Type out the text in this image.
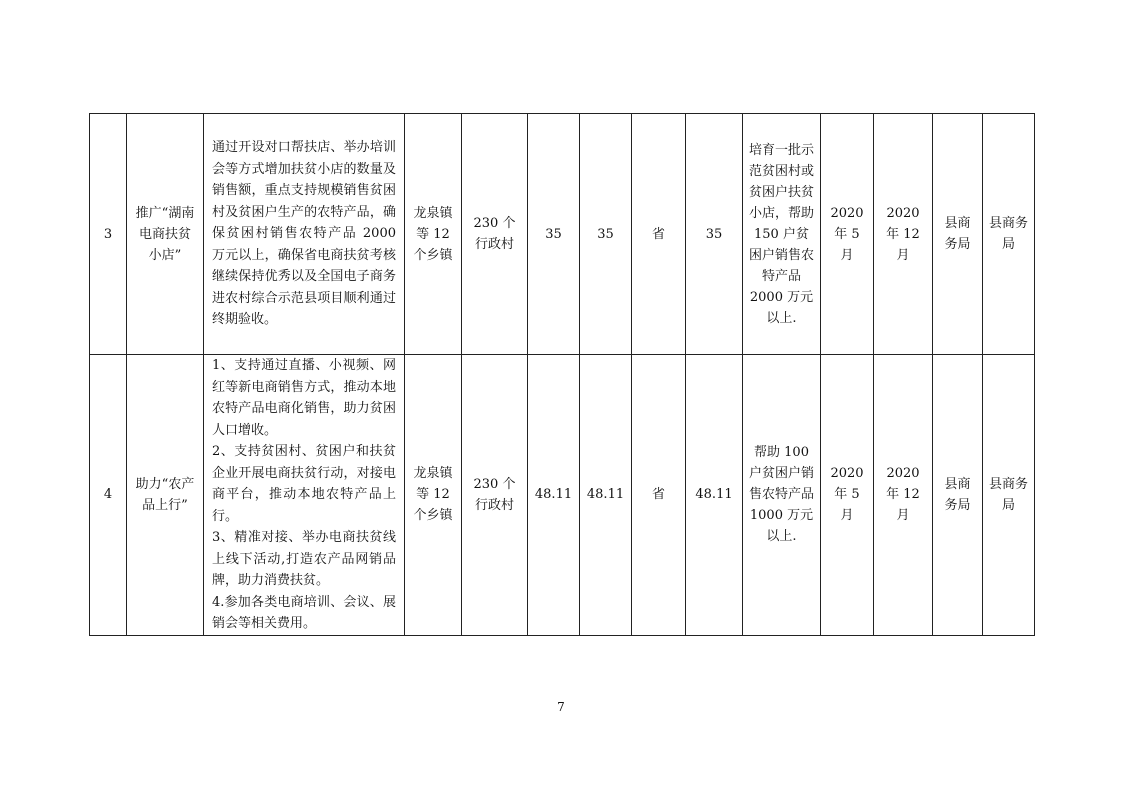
3	推广“湖南电商扶贫小店”	通过开设对口帮扶店、举办培训会等方式增加扶贫小店的数量及销售额，重点支持规模销售贫困村及贫困户生产的农特产品，确保贫困村销售农特产品 2000 万元以上，确保省电商扶贫考核继续保持优秀以及全国电子商务进农村综合示范县项目顺利通过终期验收。	龙泉镇等 12 个乡镇	230 个行政村	35	35	省	35	培育一批示范贫困村或贫困户扶贫小店，帮助 150 户贫困户销售农特产品 2000 万元以上.	2020 年 5 月	2020 年 12 月	县商务局	县商务局
4	助力“农产品上行”	1、支持通过直播、小视频、网红等新电商销售方式，推动本地农特产品电商化销售，助力贫困人口增收。

2、支持贫困村、贫困户和扶贫企业开展电商扶贫行动，对接电商平台，推动本地农特产品上行。

3、精准对接、举办电商扶贫线上线下活动,打造农产品网销品牌，助力消费扶贫。

4.参加各类电商培训、会议、展销会等相关费用。	龙泉镇等 12 个乡镇	230 个行政村	48.11	48.11	省	48.11	帮助 100 户贫困户销售农特产品 1000 万元以上.	2020 年 5 月	2020 年 12 月	县商务局	县商务局
7
